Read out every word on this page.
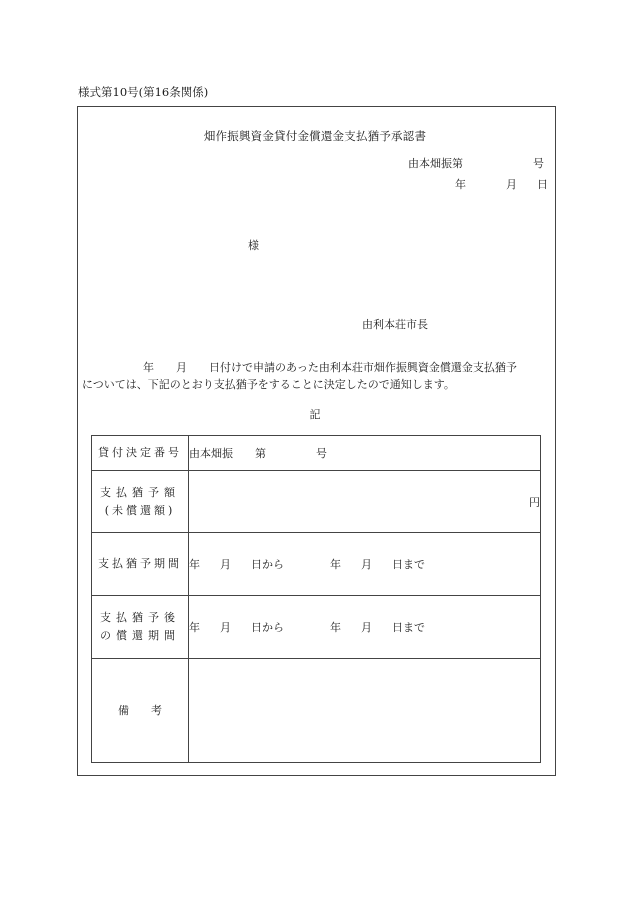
様式第10号(第16条関係)
畑作振興資金貸付金償還金支払猶予承認書
由本畑振第	号
年	月 日
様
由利本荘市長
年 月 日付けで申請のあった由利本荘市畑作振興資金償還金支払猶予
については、下記のとおり支払猶予をすることに決定したので通知します。
記
貸付決定番号	由本畑振 第 号

支払猶予額
(未償還額)	円
支払猶予期間	年 月 日から 年 月 日まで

支払猶予後
の償還期間	年 月 日から 年 月 日まで
備考	
